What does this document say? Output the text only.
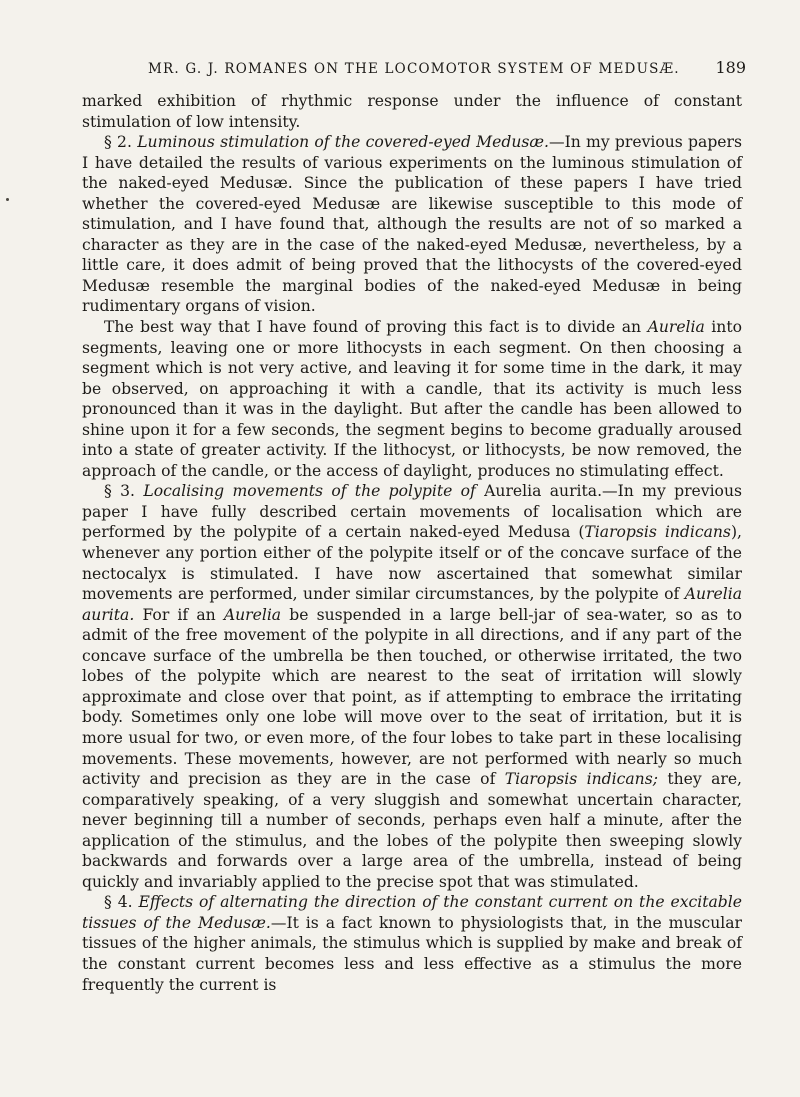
MR. G. J. ROMANES ON THE LOCOMOTOR SYSTEM OF MEDUSÆ. 189

marked exhibition of rhythmic response under the influence of constant stimulation of low intensity.

§ 2. Luminous stimulation of the covered-eyed Medusæ.—In my previous papers I have detailed the results of various experiments on the luminous stimulation of the naked-eyed Medusæ. Since the publication of these papers I have tried whether the covered-eyed Medusæ are likewise susceptible to this mode of stimulation, and I have found that, although the results are not of so marked a character as they are in the case of the naked-eyed Medusæ, nevertheless, by a little care, it does admit of being proved that the lithocysts of the covered-eyed Medusæ resemble the marginal bodies of the naked-eyed Medusæ in being rudimentary organs of vision.

The best way that I have found of proving this fact is to divide an Aurelia into segments, leaving one or more lithocysts in each segment. On then choosing a segment which is not very active, and leaving it for some time in the dark, it may be observed, on approaching it with a candle, that its activity is much less pronounced than it was in the daylight. But after the candle has been allowed to shine upon it for a few seconds, the segment begins to become gradually aroused into a state of greater activity. If the lithocyst, or lithocysts, be now removed, the approach of the candle, or the access of daylight, produces no stimulating effect.

§ 3. Localising movements of the polypite of Aurelia aurita.—In my previous paper I have fully described certain movements of localisation which are performed by the polypite of a certain naked-eyed Medusa (Tiaropsis indicans), whenever any portion either of the polypite itself or of the concave surface of the nectocalyx is stimulated. I have now ascertained that somewhat similar movements are performed, under similar circumstances, by the polypite of Aurelia aurita. For if an Aurelia be suspended in a large bell-jar of sea-water, so as to admit of the free movement of the polypite in all directions, and if any part of the concave surface of the umbrella be then touched, or otherwise irritated, the two lobes of the polypite which are nearest to the seat of irritation will slowly approximate and close over that point, as if attempting to embrace the irritating body. Sometimes only one lobe will move over to the seat of irritation, but it is more usual for two, or even more, of the four lobes to take part in these localising movements. These movements, however, are not performed with nearly so much activity and precision as they are in the case of Tiaropsis indicans; they are, comparatively speaking, of a very sluggish and somewhat uncertain character, never beginning till a number of seconds, perhaps even half a minute, after the application of the stimulus, and the lobes of the polypite then sweeping slowly backwards and forwards over a large area of the umbrella, instead of being quickly and invariably applied to the precise spot that was stimulated.

§ 4. Effects of alternating the direction of the constant current on the excitable tissues of the Medusæ.—It is a fact known to physiologists that, in the muscular tissues of the higher animals, the stimulus which is supplied by make and break of the constant current becomes less and less effective as a stimulus the more frequently the current is
